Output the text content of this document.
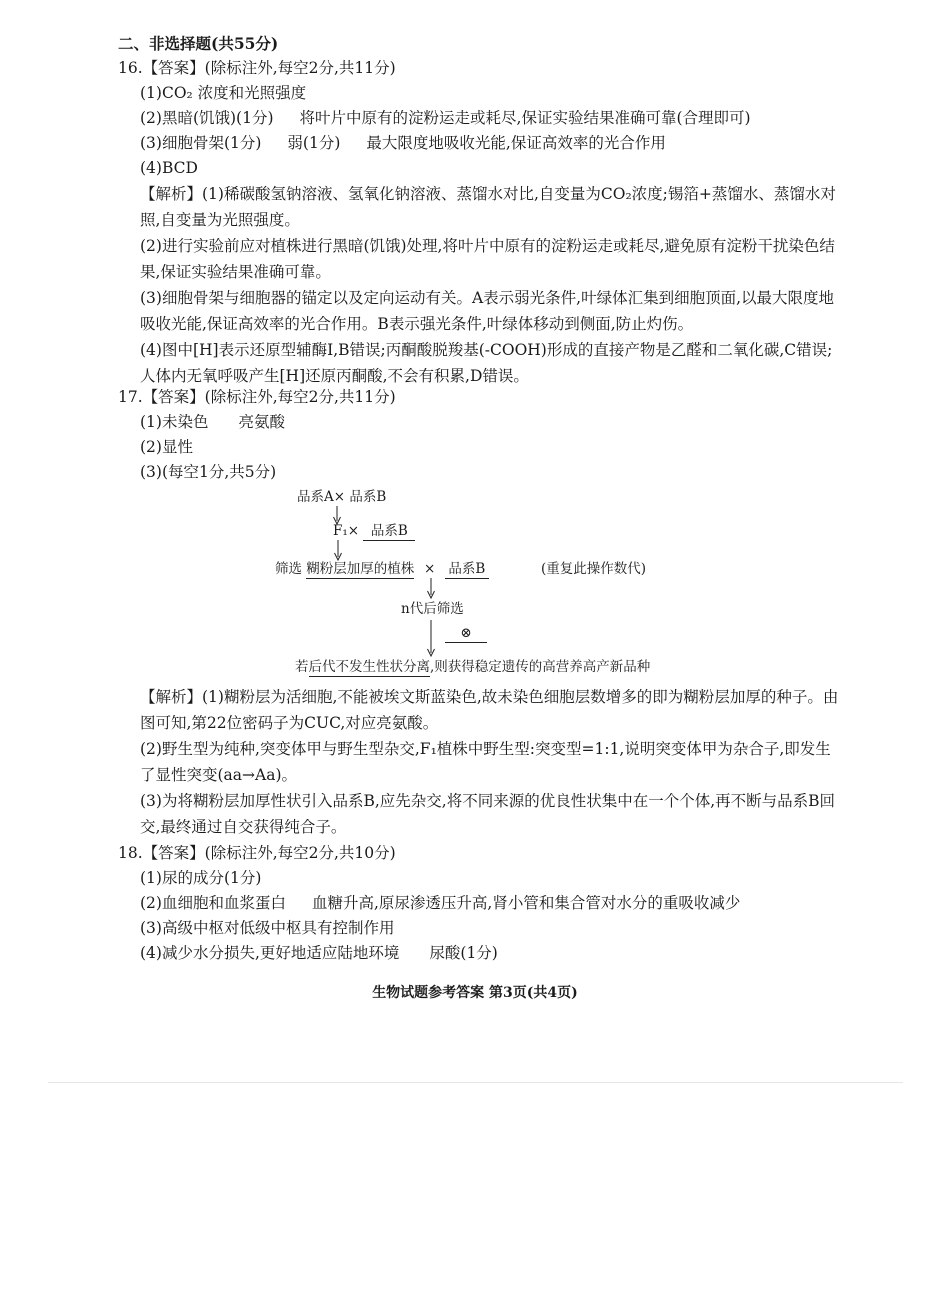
二、非选择题(共55分)
16.【答案】(除标注外,每空2分,共11分)
(1)CO₂ 浓度和光照强度
(2)黑暗(饥饿)(1分) 将叶片中原有的淀粉运走或耗尽,保证实验结果准确可靠(合理即可)
(3)细胞骨架(1分) 弱(1分) 最大限度地吸收光能,保证高效率的光合作用
(4)BCD
【解析】(1)稀碳酸氢钠溶液、氢氧化钠溶液、蒸馏水对比,自变量为CO₂浓度;锡箔+蒸馏水、蒸馏水对照,自变量为光照强度。
(2)进行实验前应对植株进行黑暗(饥饿)处理,将叶片中原有的淀粉运走或耗尽,避免原有淀粉干扰染色结果,保证实验结果准确可靠。
(3)细胞骨架与细胞器的锚定以及定向运动有关。A表示弱光条件,叶绿体汇集到细胞顶面,以最大限度地吸收光能,保证高效率的光合作用。B表示强光条件,叶绿体移动到侧面,防止灼伤。
(4)图中[H]表示还原型辅酶Ⅰ,B错误;丙酮酸脱羧基(-COOH)形成的直接产物是乙醛和二氧化碳,C错误;人体内无氧呼吸产生[H]还原丙酮酸,不会有积累,D错误。
17.【答案】(除标注外,每空2分,共11分)
(1)未染色 亮氨酸
(2)显性
(3)(每空1分,共5分)
品系A× 品系B
F₁× 品系B
筛选 糊粉层加厚的植株 × 品系B	(重复此操作数代)
n代后筛选
⊗
若后代不发生性状分离,则获得稳定遗传的高营养高产新品种
【解析】(1)糊粉层为活细胞,不能被埃文斯蓝染色,故未染色细胞层数增多的即为糊粉层加厚的种子。由图可知,第22位密码子为CUC,对应亮氨酸。
(2)野生型为纯种,突变体甲与野生型杂交,F₁植株中野生型:突变型=1:1,说明突变体甲为杂合子,即发生了显性突变(aa→Aa)。
(3)为将糊粉层加厚性状引入品系B,应先杂交,将不同来源的优良性状集中在一个个体,再不断与品系B回交,最终通过自交获得纯合子。
18.【答案】(除标注外,每空2分,共10分)
(1)尿的成分(1分)
(2)血细胞和血浆蛋白 血糖升高,原尿渗透压升高,肾小管和集合管对水分的重吸收减少
(3)高级中枢对低级中枢具有控制作用
(4)减少水分损失,更好地适应陆地环境 尿酸(1分)
生物试题参考答案 第3页(共4页)
